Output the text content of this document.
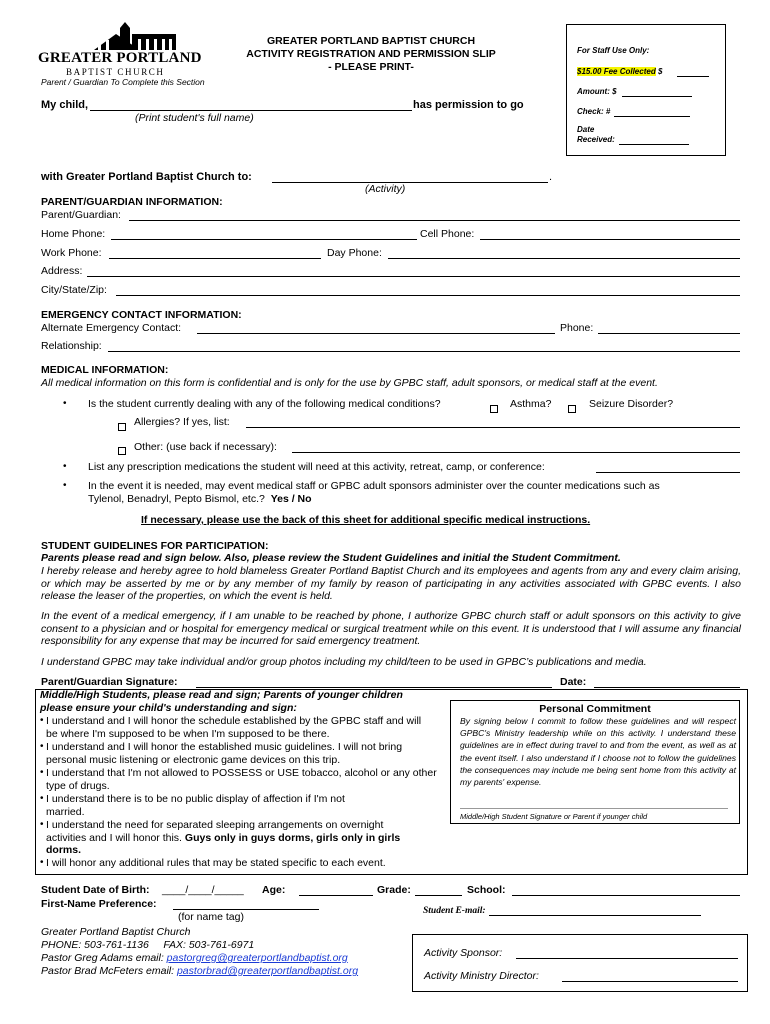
GREATER PORTLAND
BAPTIST CHURCH
GREATER PORTLAND BAPTIST CHURCH
ACTIVITY REGISTRATION AND PERMISSION SLIP
- PLEASE PRINT-
Parent / Guardian To Complete this Section
For Staff Use Only:
$15.00 Fee Collected $
Amount: $
Check: #
Date
Received:
My child,	has permission to go
(Print student's full name)
with Greater Portland Baptist Church to:	.
(Activity)
PARENT/GUARDIAN INFORMATION:
Parent/Guardian:
Home Phone:	Cell Phone:
Work Phone:	Day Phone:
Address:
City/State/Zip:
EMERGENCY CONTACT INFORMATION:
Alternate Emergency Contact:	Phone:
Relationship:
MEDICAL INFORMATION:
All medical information on this form is confidential and is only for the use by GPBC staff, adult sponsors, or medical staff at the event.
• Is the student currently dealing with any of the following medical conditions?	Asthma?	Seizure Disorder?
Allergies? If yes, list:
Other: (use back if necessary):
• List any prescription medications the student will need at this activity, retreat, camp, or conference:
• In the event it is needed, may event medical staff or GPBC adult sponsors administer over the counter medications such as
Tylenol, Benadryl, Pepto Bismol, etc.? Yes / No
If necessary, please use the back of this sheet for additional specific medical instructions.
STUDENT GUIDELINES FOR PARTICIPATION:
Parents please read and sign below. Also, please review the Student Guidelines and initial the Student Commitment.
I hereby release and hereby agree to hold blameless Greater Portland Baptist Church and its employees and agents from any and every claim arising, or which may be asserted by me or by any member of my family by reason of participating in any activities associated with GPBC events. I also release the leaser of the properties, on which the event is held.
In the event of a medical emergency, if I am unable to be reached by phone, I authorize GPBC church staff or adult sponsors on this activity to give consent to a physician and or hospital for emergency medical or surgical treatment while on this event. It is understood that I will assume any financial responsibility for any expense that may be incurred for said emergency treatment.
I understand GPBC may take individual and/or group photos including my child/teen to be used in GPBC’s publications and media.
Parent/Guardian Signature:	Date:
Middle/High Students, please read and sign; Parents of younger children please ensure your child's understanding and sign:
• I understand and I will honor the schedule established by the GPBC staff and will be where I'm supposed to be when I'm supposed to be there.
• I understand and I will honor the established music guidelines. I will not bring personal music listening or electronic game devices on this trip.
• I understand that I'm not allowed to POSSESS or USE tobacco, alcohol or any other type of drugs.
• I understand there is to be no public display of affection if I'm not married.
• I understand the need for separated sleeping arrangements on overnight activities and I will honor this. Guys only in guys dorms, girls only in girls dorms.
• I will honor any additional rules that may be stated specific to each event.
Personal Commitment
By signing below I commit to follow these guidelines and will respect GPBC's Ministry leadership while on this activity. I understand these guidelines are in effect during travel to and from the event, as well as at the event itself. I also understand if I choose not to follow the guidelines the consequences may include me being sent home from this activity at my parents' expense.
Middle/High Student Signature or Parent if younger child
Student Date of Birth: ____/____/_____ Age:	Grade:	School:
First-Name Preference:
(for name tag)	Student E-mail:
Greater Portland Baptist Church
PHONE: 503-761-1136     FAX: 503-761-6971
Pastor Greg Adams email: pastorgreg@greaterportlandbaptist.org
Pastor Brad McFeters email: pastorbrad@greaterportlandbaptist.org
Activity Sponsor:
Activity Ministry Director:
